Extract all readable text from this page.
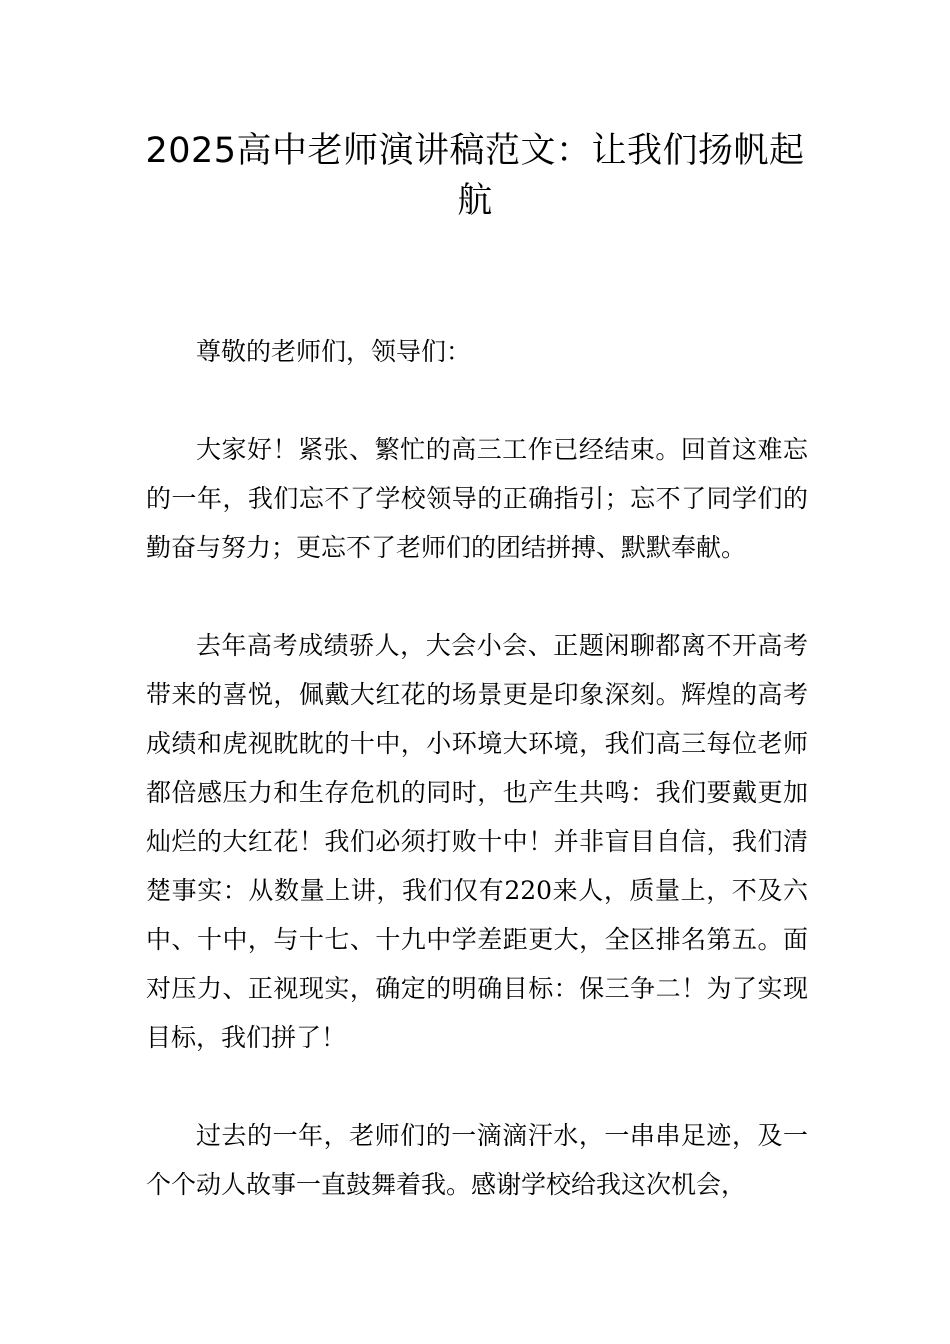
2025高中老师演讲稿范文：让我们扬帆起航

尊敬的老师们，领导们：

大家好！紧张、繁忙的高三工作已经结束。回首这难忘的一年，我们忘不了学校领导的正确指引；忘不了同学们的勤奋与努力；更忘不了老师们的团结拼搏、默默奉献。

去年高考成绩骄人，大会小会、正题闲聊都离不开高考带来的喜悦，佩戴大红花的场景更是印象深刻。辉煌的高考成绩和虎视眈眈的十中，小环境大环境，我们高三每位老师都倍感压力和生存危机的同时，也产生共鸣：我们要戴更加灿烂的大红花！我们必须打败十中！并非盲目自信，我们清楚事实：从数量上讲，我们仅有220来人，质量上，不及六中、十中，与十七、十九中学差距更大，全区排名第五。面对压力、正视现实，确定的明确目标：保三争二！为了实现目标，我们拼了！

过去的一年，老师们的一滴滴汗水，一串串足迹，及一个个动人故事一直鼓舞着我。感谢学校给我这次机会，
